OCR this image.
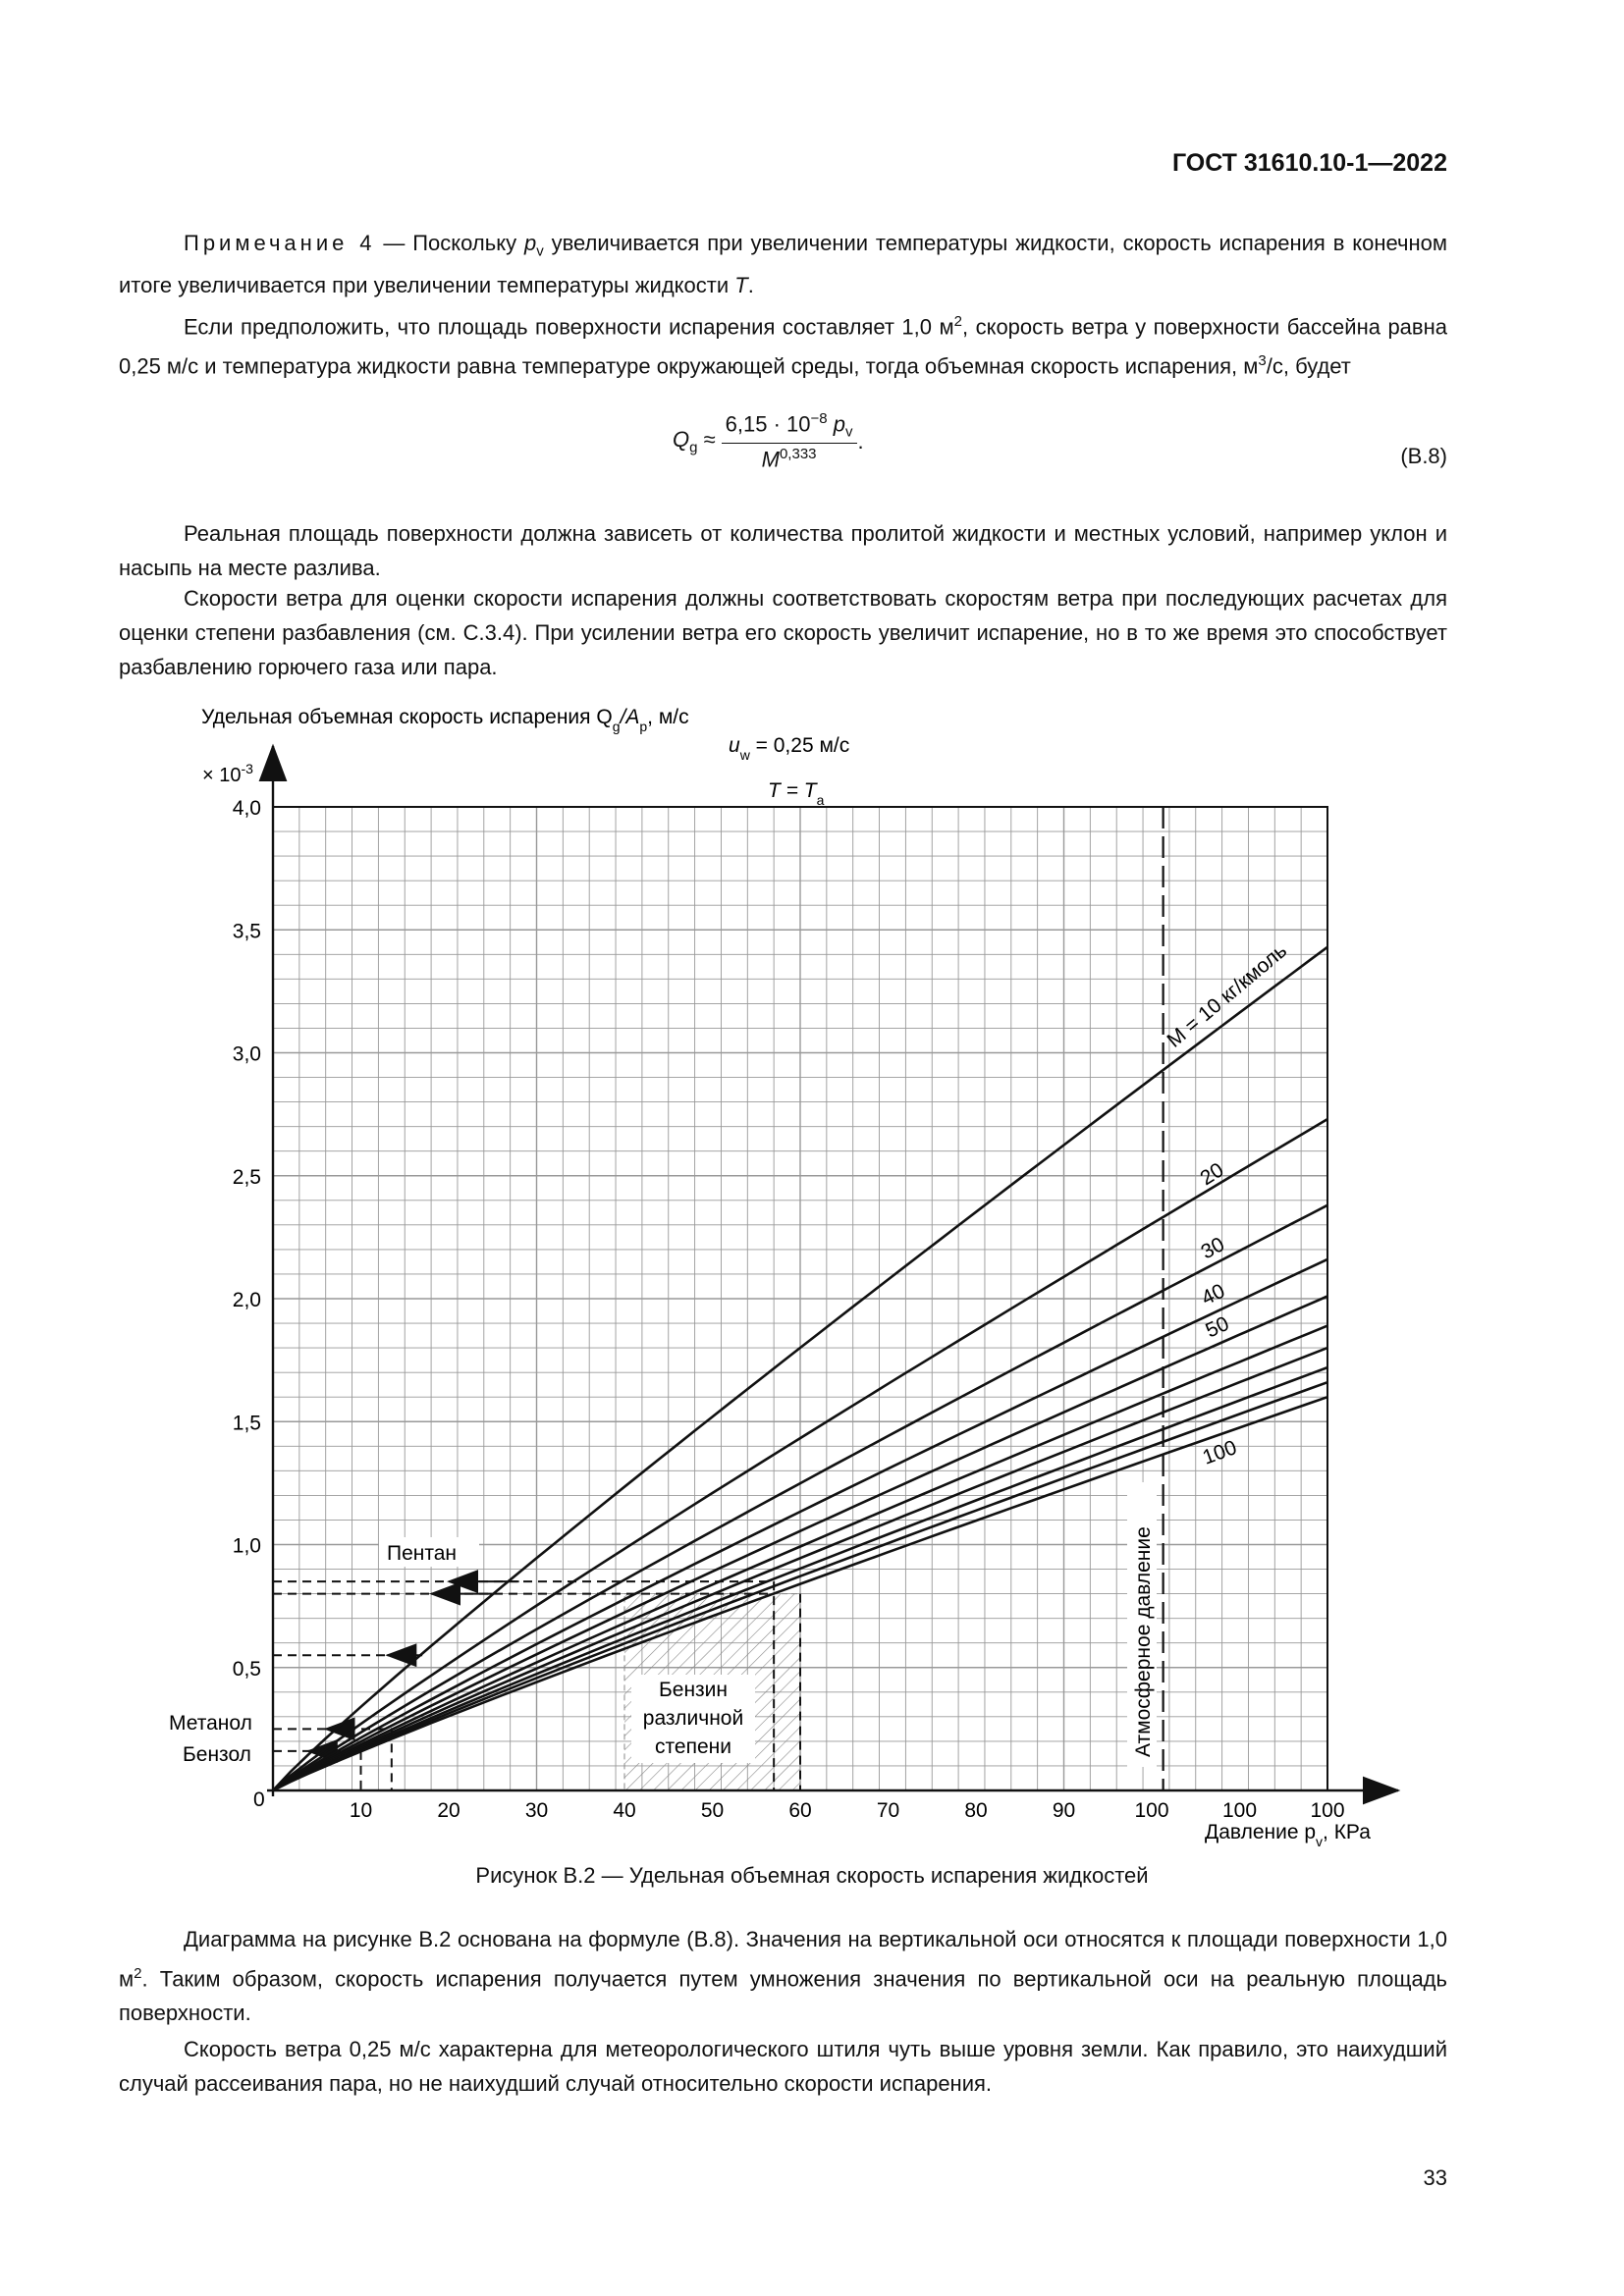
ГОСТ 31610.10-1—2022
Примечание 4 — Поскольку $p_v$ увеличивается при увеличении температуры жидкости, скорость испарения в конечном итоге увеличивается при увеличении температуры жидкости T.
Если предположить, что площадь поверхности испарения составляет 1,0 $м^2$, скорость ветра у поверхности бассейна равна 0,25 м/с и температура жидкости равна температуре окружающей среды, тогда объемная скорость испарения, $м^3/с$, будет
$Q_g$ ≈	$6,15 \cdot 10^{-8}$ $p_v$	.
M$^{0,333}$	(B.8)
Реальная площадь поверхности должна зависеть от количества пролитой жидкости и местных условий, например уклон и насыпь на месте разлива.
Скорости ветра для оценки скорости испарения должны соответствовать скоростям ветра при последующих расчетах для оценки степени разбавления (см. C.3.4). При усилении ветра его скорость увеличит испарение, но в то же время это способствует разбавлению горючего газа или пара.
4,0
3,5
3,0
2,5
2,0
1,5
1,0
0,5
0	10	20	30	40	50	60	70	80	90	100	100	100
Удельная объемная скорость испарения $Q_g/A_p$, м/с
$u_w = 0,25$ м/с
$T = T_a$
× $10^{-3}$
Давление $p_v$, КРа
M = 10 кг/кмоль
20
30
40
50
100
Атмосферное давление
Пентан
Метанол
Бензол
Бензин
различной
степени
Рисунок B.2 — Удельная объемная скорость испарения жидкостей
Диаграмма на рисунке B.2 основана на формуле (B.8). Значения на вертикальной оси относятся к площади поверхности 1,0 $м^2$. Таким образом, скорость испарения получается путем умножения значения по вертикальной оси на реальную площадь поверхности.
Скорость ветра 0,25 м/с характерна для метеорологического штиля чуть выше уровня земли. Как правило, это наихудший случай рассеивания пара, но не наихудший случай относительно скорости испарения.
33
